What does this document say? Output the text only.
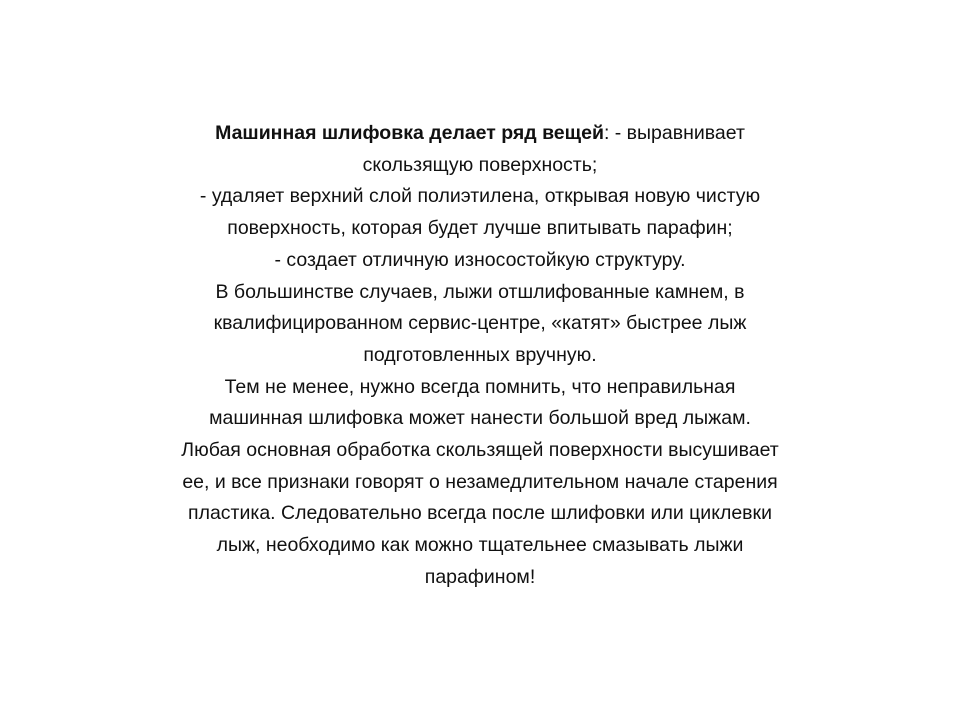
Машинная шлифовка делает ряд вещей: - выравнивает
скользящую поверхность;
- удаляет верхний слой полиэтилена, открывая новую чистую
поверхность, которая будет лучше впитывать парафин;
- создает отличную износостойкую структуру.
В большинстве случаев, лыжи отшлифованные камнем, в
квалифицированном сервис-центре, «катят» быстрее лыж
подготовленных вручную.
Тем не менее, нужно всегда помнить, что неправильная
машинная шлифовка может нанести большой вред лыжам.
Любая основная обработка скользящей поверхности высушивает
ее, и все признаки говорят о незамедлительном начале старения
пластика. Следовательно всегда после шлифовки или циклевки
лыж, необходимо как можно тщательнее смазывать лыжи
парафином!
